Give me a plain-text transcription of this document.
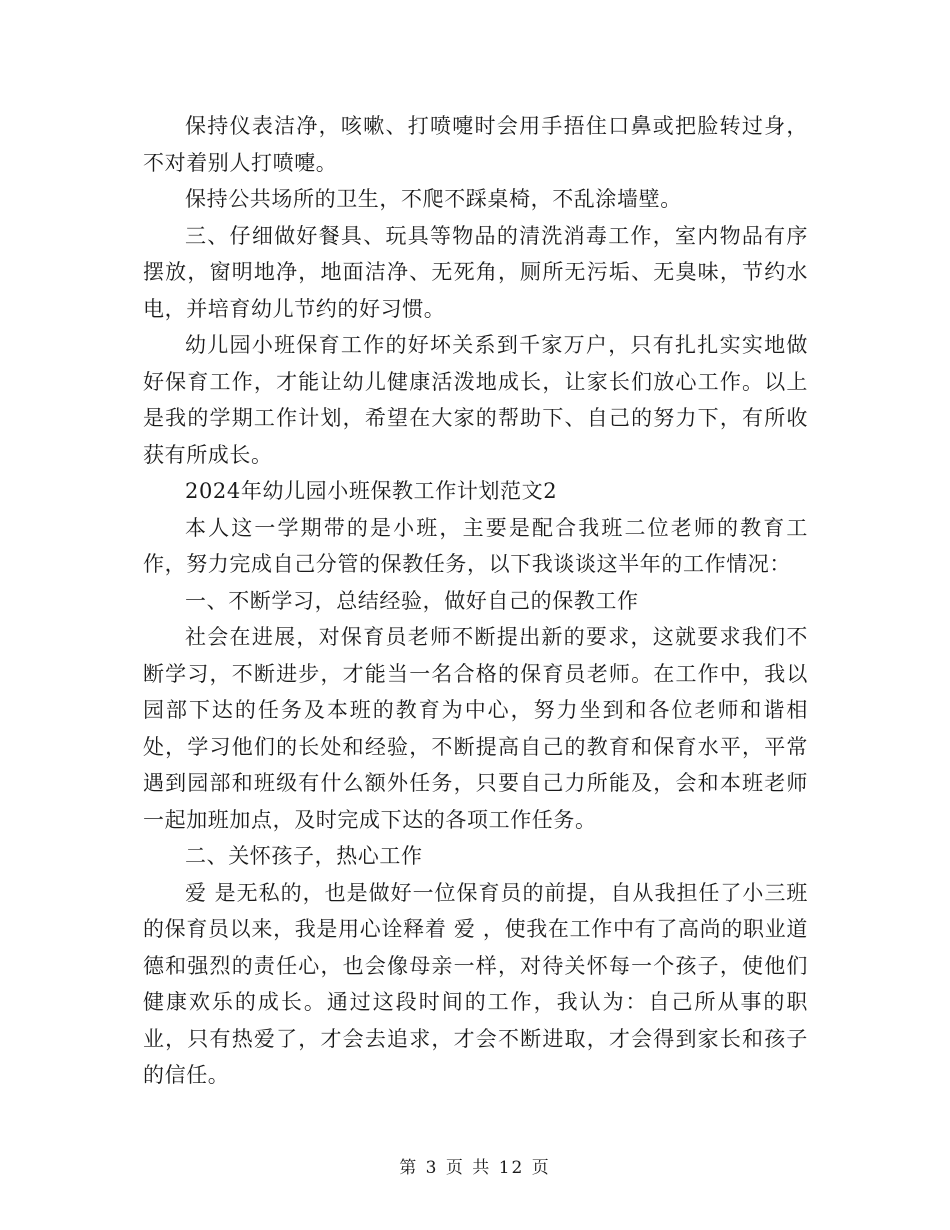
保持仪表洁净，咳嗽、打喷嚏时会用手捂住口鼻或把脸转过身，不对着别人打喷嚏。

保持公共场所的卫生，不爬不踩桌椅，不乱涂墙壁。

三、仔细做好餐具、玩具等物品的清洗消毒工作，室内物品有序摆放，窗明地净，地面洁净、无死角，厕所无污垢、无臭味，节约水电，并培育幼儿节约的好习惯。

幼儿园小班保育工作的好坏关系到千家万户，只有扎扎实实地做好保育工作，才能让幼儿健康活泼地成长，让家长们放心工作。以上是我的学期工作计划，希望在大家的帮助下、自己的努力下，有所收获有所成长。

2024年幼儿园小班保教工作计划范文2

本人这一学期带的是小班，主要是配合我班二位老师的教育工作，努力完成自己分管的保教任务，以下我谈谈这半年的工作情况：

一、不断学习，总结经验，做好自己的保教工作

社会在进展，对保育员老师不断提出新的要求，这就要求我们不断学习，不断进步，才能当一名合格的保育员老师。在工作中，我以园部下达的任务及本班的教育为中心，努力坐到和各位老师和谐相处，学习他们的长处和经验，不断提高自己的教育和保育水平，平常遇到园部和班级有什么额外任务，只要自己力所能及，会和本班老师一起加班加点，及时完成下达的各项工作任务。

二、关怀孩子，热心工作

爱 是无私的，也是做好一位保育员的前提，自从我担任了小三班的保育员以来，我是用心诠释着 爱 ，使我在工作中有了高尚的职业道德和强烈的责任心，也会像母亲一样，对待关怀每一个孩子，使他们健康欢乐的成长。通过这段时间的工作，我认为：自己所从事的职业，只有热爱了，才会去追求，才会不断进取，才会得到家长和孩子的信任。

第 3 页 共 12 页
